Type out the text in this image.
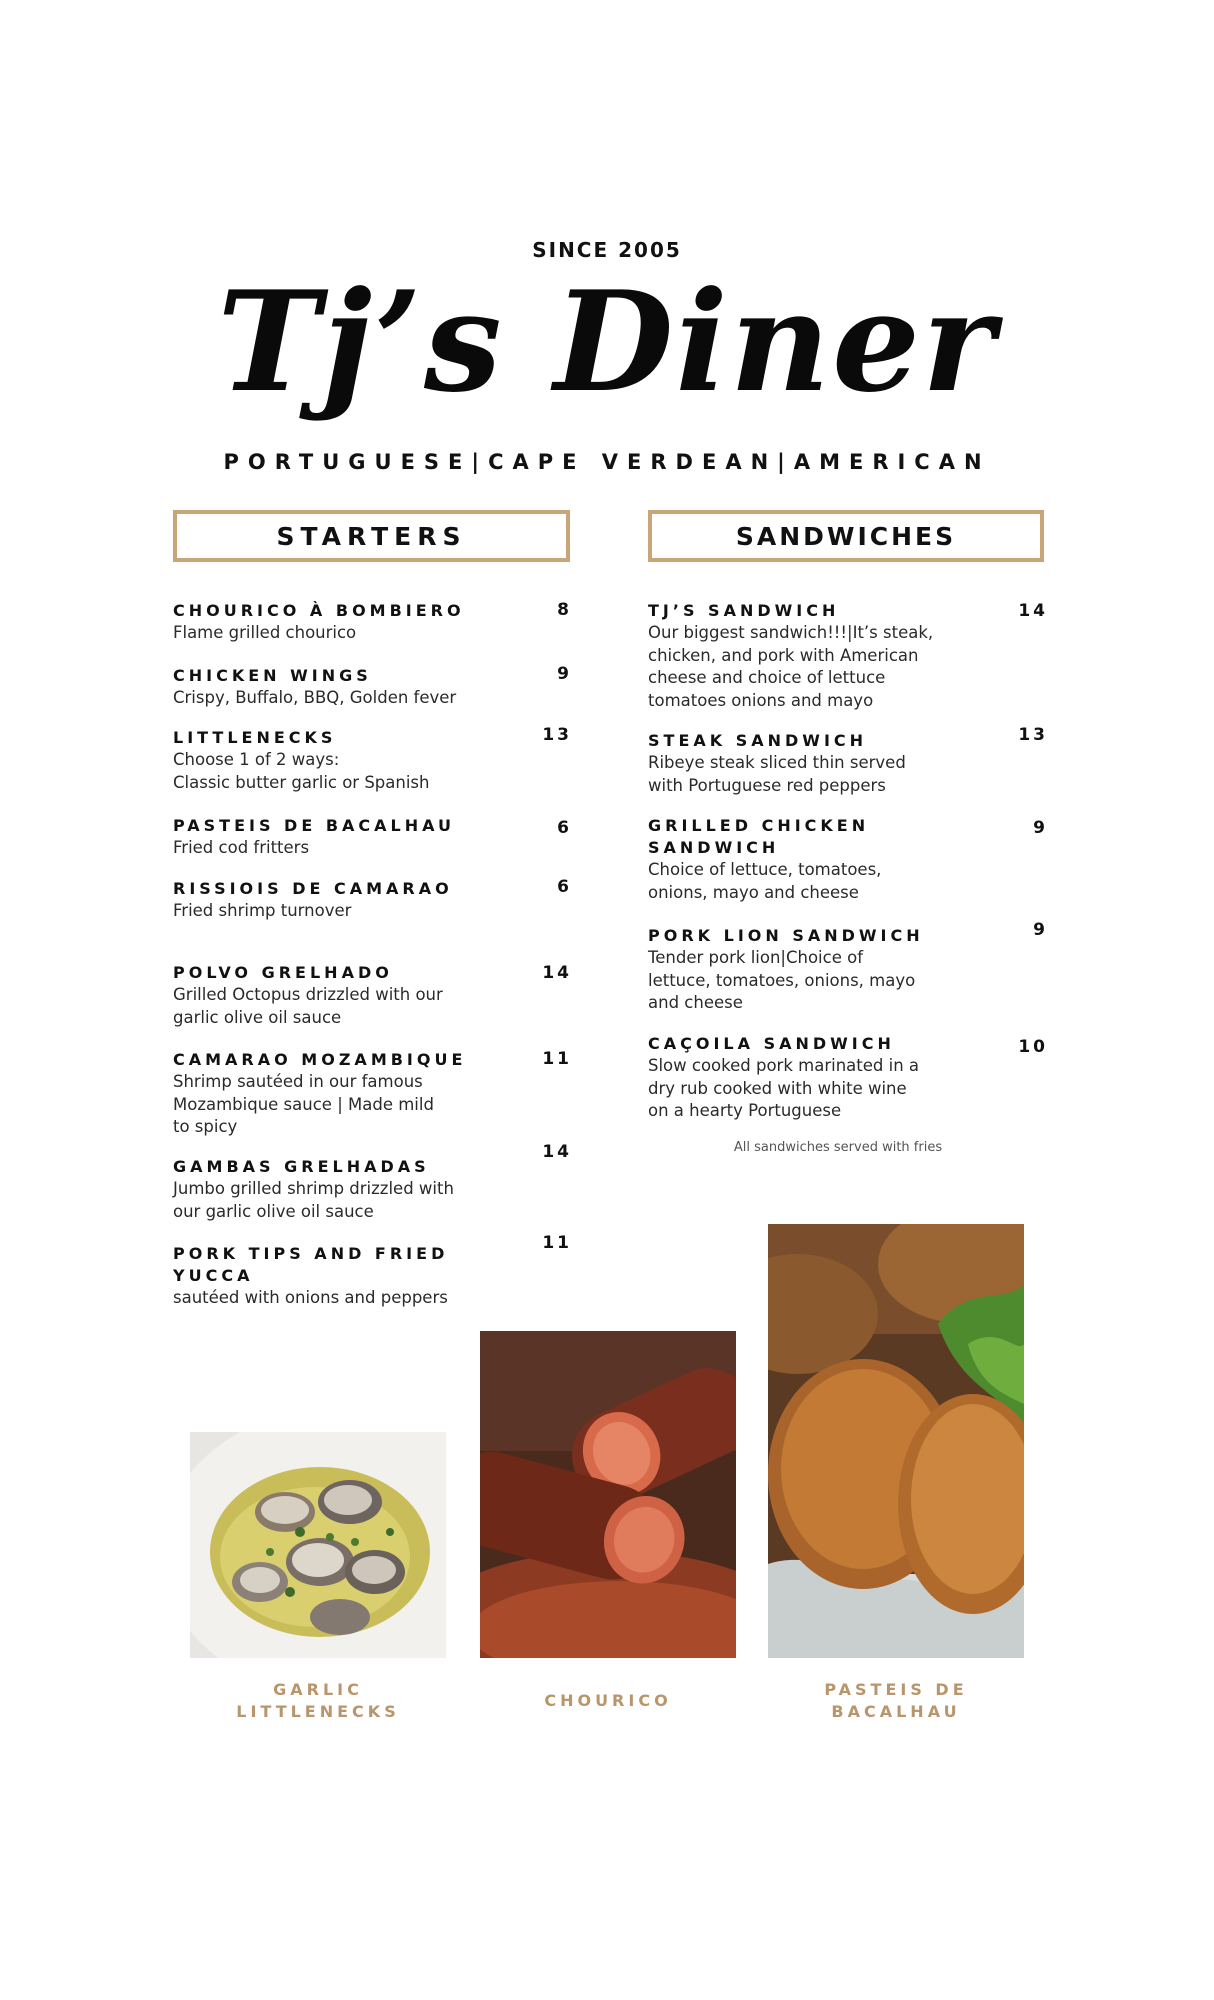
SINCE 2005
Tj’s Diner
PORTUGUESE|CAPE VERDEAN|AMERICAN
STARTERS	SANDWICHES
CHOURICO À BOMBIERO
Flame grilled chourico
8
CHICKEN WINGS
Crispy, Buffalo, BBQ, Golden fever
9
LITTLENECKS
Choose 1 of 2 ways:
Classic butter garlic or Spanish
13
PASTEIS DE BACALHAU
Fried cod fritters
6
RISSIOIS DE CAMARAO
Fried shrimp turnover
6
POLVO GRELHADO
Grilled Octopus drizzled with our
garlic olive oil sauce
14
CAMARAO MOZAMBIQUE
Shrimp sautéed in our famous
Mozambique sauce | Made mild
to spicy
11
GAMBAS GRELHADAS
Jumbo grilled shrimp drizzled with
our garlic olive oil sauce
14
PORK TIPS AND FRIED
YUCCA
sautéed with onions and peppers
11
TJ’S SANDWICH
Our biggest sandwich!!!|It’s steak,
chicken, and pork with American
cheese and choice of lettuce
tomatoes onions and mayo
14
STEAK SANDWICH
Ribeye steak sliced thin served
with Portuguese red peppers
13
GRILLED CHICKEN
SANDWICH
Choice of lettuce, tomatoes,
onions, mayo and cheese
9
PORK LION SANDWICH
Tender pork lion|Choice of
lettuce, tomatoes, onions, mayo
and cheese
9
CAÇOILA SANDWICH
Slow cooked pork marinated in a
dry rub cooked with white wine
on a hearty Portuguese
10
All sandwiches served with fries
GARLIC
LITTLENECKS
CHOURICO
PASTEIS DE
BACALHAU
